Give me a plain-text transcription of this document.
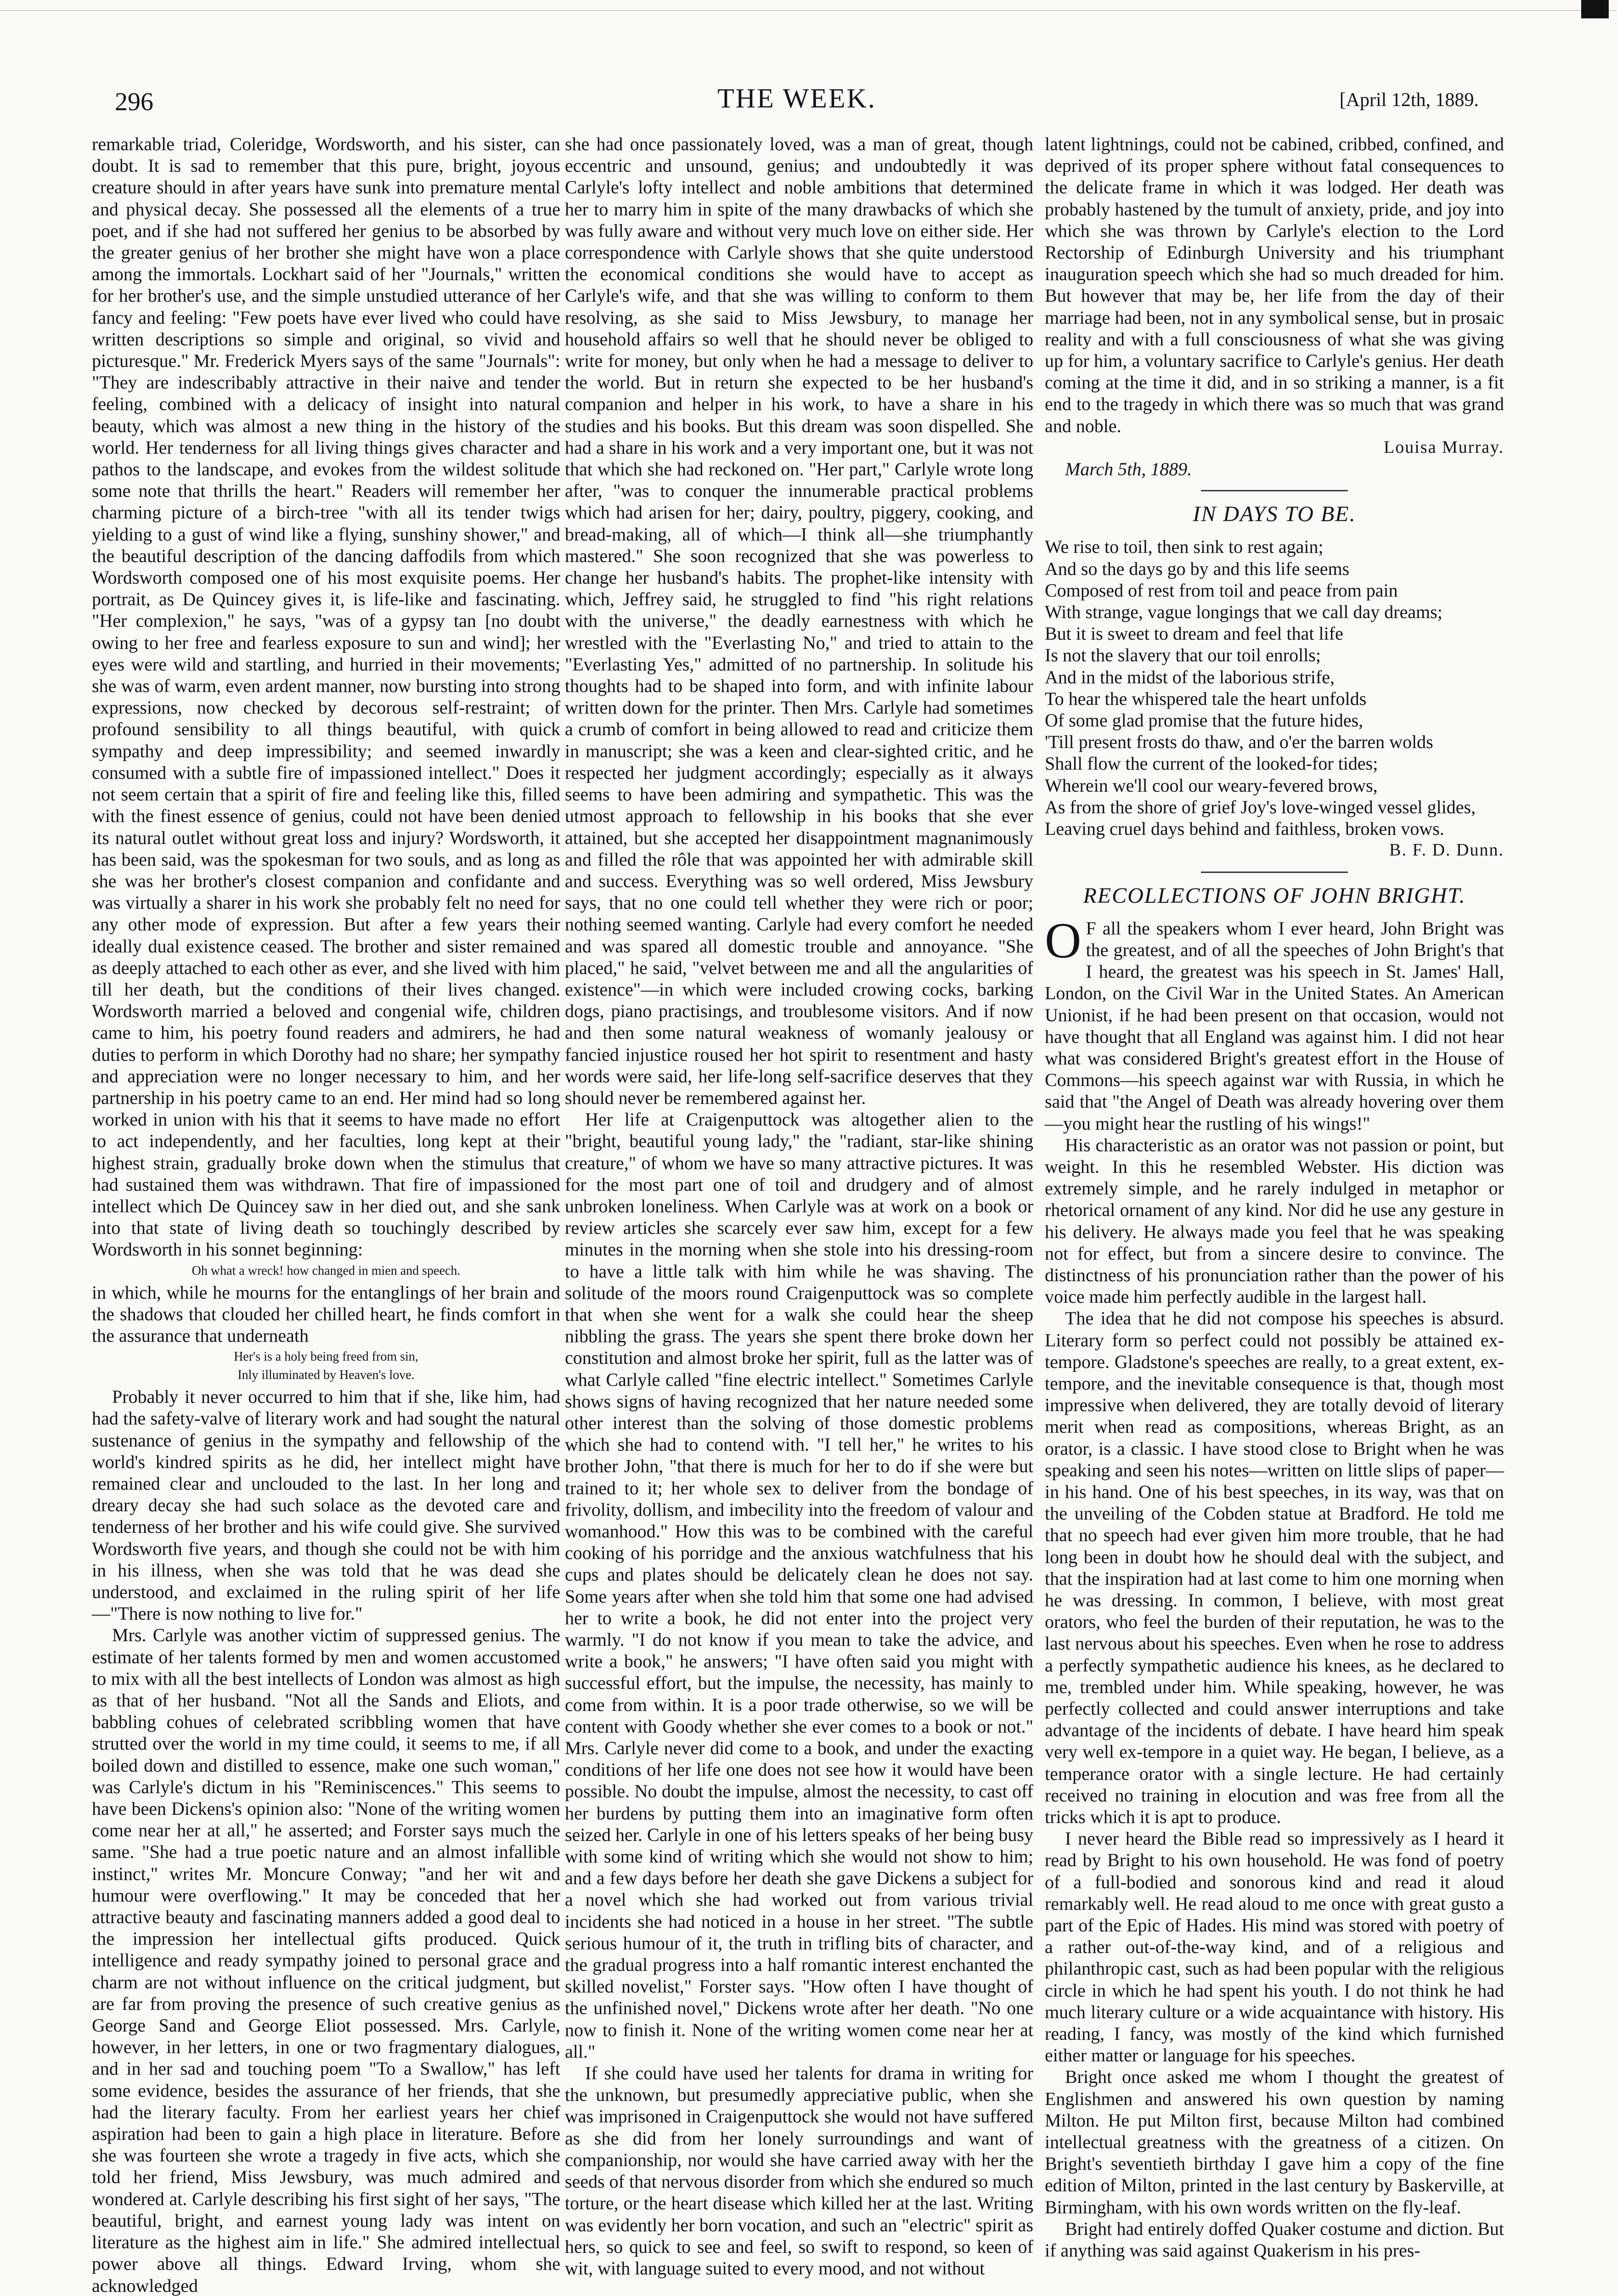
296	THE WEEK.	[April 12th, 1889.

remarkable triad, Coleridge, Wordsworth, and his sister, can doubt. It is sad to remember that this pure, bright, joyous creature should in after years have sunk into premature mental and physical decay. She possessed all the elements of a true poet, and if she had not suffered her genius to be absorbed by the greater genius of her brother she might have won a place among the immortals. Lockhart said of her "Journals," written for her brother's use, and the simple unstudied utterance of her fancy and feeling: "Few poets have ever lived who could have written descriptions so simple and original, so vivid and picturesque." Mr. Frederick Myers says of the same "Journals": "They are indescribably attractive in their naive and tender feeling, combined with a delicacy of insight into natural beauty, which was almost a new thing in the history of the world. Her tenderness for all living things gives character and pathos to the landscape, and evokes from the wildest solitude some note that thrills the heart." Readers will remember her charming picture of a birch-tree "with all its tender twigs yielding to a gust of wind like a flying, sunshiny shower," and the beautiful description of the dancing daffodils from which Wordsworth composed one of his most exquisite poems. Her portrait, as De Quincey gives it, is life-like and fascinating. "Her complexion," he says, "was of a gypsy tan [no doubt owing to her free and fearless exposure to sun and wind]; her eyes were wild and startling, and hurried in their movements; she was of warm, even ardent manner, now bursting into strong expressions, now checked by decorous self-restraint; of profound sensibility to all things beautiful, with quick sympathy and deep impressibility; and seemed inwardly consumed with a subtle fire of impassioned intellect." Does it not seem certain that a spirit of fire and feeling like this, filled with the finest essence of genius, could not have been denied its natural outlet without great loss and injury? Wordsworth, it has been said, was the spokesman for two souls, and as long as she was her brother's closest companion and confidante and was virtually a sharer in his work she probably felt no need for any other mode of expression. But after a few years their ideally dual existence ceased. The brother and sister remained as deeply attached to each other as ever, and she lived with him till her death, but the conditions of their lives changed. Wordsworth married a beloved and congenial wife, children came to him, his poetry found readers and admirers, he had duties to perform in which Dorothy had no share; her sympathy and appreciation were no longer necessary to him, and her partnership in his poetry came to an end. Her mind had so long worked in union with his that it seems to have made no effort to act independently, and her faculties, long kept at their highest strain, gradually broke down when the stimulus that had sustained them was withdrawn. That fire of impassioned intellect which De Quincey saw in her died out, and she sank into that state of living death so touchingly described by Wordsworth in his sonnet beginning:

Oh what a wreck! how changed in mien and speech.

in which, while he mourns for the entanglings of her brain and the shadows that clouded her chilled heart, he finds comfort in the assurance that underneath

Her's is a holy being freed from sin,
Inly illuminated by Heaven's love.

Probably it never occurred to him that if she, like him, had had the safety-valve of literary work and had sought the natural sustenance of genius in the sympathy and fellowship of the world's kindred spirits as he did, her intellect might have remained clear and unclouded to the last. In her long and dreary decay she had such solace as the devoted care and tenderness of her brother and his wife could give. She survived Wordsworth five years, and though she could not be with him in his illness, when she was told that he was dead she understood, and exclaimed in the ruling spirit of her life—"There is now nothing to live for."

Mrs. Carlyle was another victim of suppressed genius. The estimate of her talents formed by men and women accustomed to mix with all the best intellects of London was almost as high as that of her husband. "Not all the Sands and Eliots, and babbling cohues of celebrated scribbling women that have strutted over the world in my time could, it seems to me, if all boiled down and distilled to essence, make one such woman," was Carlyle's dictum in his "Reminiscences." This seems to have been Dickens's opinion also: "None of the writing women come near her at all," he asserted; and Forster says much the same. "She had a true poetic nature and an almost infallible instinct," writes Mr. Moncure Conway; "and her wit and humour were overflowing." It may be conceded that her attractive beauty and fascinating manners added a good deal to the impression her intellectual gifts produced. Quick intelligence and ready sympathy joined to personal grace and charm are not without influence on the critical judgment, but are far from proving the presence of such creative genius as George Sand and George Eliot possessed. Mrs. Carlyle, however, in her letters, in one or two fragmentary dialogues, and in her sad and touching poem "To a Swallow," has left some evidence, besides the assurance of her friends, that she had the literary faculty. From her earliest years her chief aspiration had been to gain a high place in literature. Before she was fourteen she wrote a tragedy in five acts, which she told her friend, Miss Jewsbury, was much admired and wondered at. Carlyle describing his first sight of her says, "The beautiful, bright, and earnest young lady was intent on literature as the highest aim in life." She admired intellectual power above all things. Edward Irving, whom she acknowledged

she had once passionately loved, was a man of great, though eccentric and unsound, genius; and undoubtedly it was Carlyle's lofty intellect and noble ambitions that determined her to marry him in spite of the many drawbacks of which she was fully aware and without very much love on either side. Her correspondence with Carlyle shows that she quite understood the economical conditions she would have to accept as Carlyle's wife, and that she was willing to conform to them resolving, as she said to Miss Jewsbury, to manage her household affairs so well that he should never be obliged to write for money, but only when he had a message to deliver to the world. But in return she expected to be her husband's companion and helper in his work, to have a share in his studies and his books. But this dream was soon dispelled. She had a share in his work and a very important one, but it was not that which she had reckoned on. "Her part," Carlyle wrote long after, "was to conquer the innumerable practical problems which had arisen for her; dairy, poultry, piggery, cooking, and bread-making, all of which—I think all—she triumphantly mastered." She soon recognized that she was powerless to change her husband's habits. The prophet-like intensity with which, Jeffrey said, he struggled to find "his right relations with the universe," the deadly earnestness with which he wrestled with the "Everlasting No," and tried to attain to the "Everlasting Yes," admitted of no partnership. In solitude his thoughts had to be shaped into form, and with infinite labour written down for the printer. Then Mrs. Carlyle had sometimes a crumb of comfort in being allowed to read and criticize them in manuscript; she was a keen and clear-sighted critic, and he respected her judgment accordingly; especially as it always seems to have been admiring and sympathetic. This was the utmost approach to fellowship in his books that she ever attained, but she accepted her disappointment magnanimously and filled the rôle that was appointed her with admirable skill and success. Everything was so well ordered, Miss Jewsbury says, that no one could tell whether they were rich or poor; nothing seemed wanting. Carlyle had every comfort he needed and was spared all domestic trouble and annoyance. "She placed," he said, "velvet between me and all the angularities of existence"—in which were included crowing cocks, barking dogs, piano practisings, and troublesome visitors. And if now and then some natural weakness of womanly jealousy or fancied injustice roused her hot spirit to resentment and hasty words were said, her life-long self-sacrifice deserves that they should never be remembered against her.

Her life at Craigenputtock was altogether alien to the "bright, beautiful young lady," the "radiant, star-like shining creature," of whom we have so many attractive pictures. It was for the most part one of toil and drudgery and of almost unbroken loneliness. When Carlyle was at work on a book or review articles she scarcely ever saw him, except for a few minutes in the morning when she stole into his dressing-room to have a little talk with him while he was shaving. The solitude of the moors round Craigenputtock was so complete that when she went for a walk she could hear the sheep nibbling the grass. The years she spent there broke down her constitution and almost broke her spirit, full as the latter was of what Carlyle called "fine electric intellect." Sometimes Carlyle shows signs of having recognized that her nature needed some other interest than the solving of those domestic problems which she had to contend with. "I tell her," he writes to his brother John, "that there is much for her to do if she were but trained to it; her whole sex to deliver from the bondage of frivolity, dollism, and imbecility into the freedom of valour and womanhood." How this was to be combined with the careful cooking of his porridge and the anxious watchfulness that his cups and plates should be delicately clean he does not say. Some years after when she told him that some one had advised her to write a book, he did not enter into the project very warmly. "I do not know if you mean to take the advice, and write a book," he answers; "I have often said you might with successful effort, but the impulse, the necessity, has mainly to come from within. It is a poor trade otherwise, so we will be content with Goody whether she ever comes to a book or not." Mrs. Carlyle never did come to a book, and under the exacting conditions of her life one does not see how it would have been possible. No doubt the impulse, almost the necessity, to cast off her burdens by putting them into an imaginative form often seized her. Carlyle in one of his letters speaks of her being busy with some kind of writing which she would not show to him; and a few days before her death she gave Dickens a subject for a novel which she had worked out from various trivial incidents she had noticed in a house in her street. "The subtle serious humour of it, the truth in trifling bits of character, and the gradual progress into a half romantic interest enchanted the skilled novelist," Forster says. "How often I have thought of the unfinished novel," Dickens wrote after her death. "No one now to finish it. None of the writing women come near her at all."

If she could have used her talents for drama in writing for the unknown, but presumedly appreciative public, when she was imprisoned in Craigenputtock she would not have suffered as she did from her lonely surroundings and want of companionship, nor would she have carried away with her the seeds of that nervous disorder from which she endured so much torture, or the heart disease which killed her at the last. Writing was evidently her born vocation, and such an "electric" spirit as hers, so quick to see and feel, so swift to respond, so keen of wit, with language suited to every mood, and not without

latent lightnings, could not be cabined, cribbed, confined, and deprived of its proper sphere without fatal consequences to the delicate frame in which it was lodged. Her death was probably hastened by the tumult of anxiety, pride, and joy into which she was thrown by Carlyle's election to the Lord Rectorship of Edinburgh University and his triumphant inauguration speech which she had so much dreaded for him. But however that may be, her life from the day of their marriage had been, not in any symbolical sense, but in prosaic reality and with a full consciousness of what she was giving up for him, a voluntary sacrifice to Carlyle's genius. Her death coming at the time it did, and in so striking a manner, is a fit end to the tragedy in which there was so much that was grand and noble.

Louisa Murray.
March 5th, 1889.
IN DAYS TO BE.
We rise to toil, then sink to rest again;
And so the days go by and this life seems
Composed of rest from toil and peace from pain
With strange, vague longings that we call day dreams;
But it is sweet to dream and feel that life
Is not the slavery that our toil enrolls;
And in the midst of the laborious strife,
To hear the whispered tale the heart unfolds
Of some glad promise that the future hides,
'Till present frosts do thaw, and o'er the barren wolds
Shall flow the current of the looked-for tides;
Wherein we'll cool our weary-fevered brows,
As from the shore of grief Joy's love-winged vessel glides,
Leaving cruel days behind and faithless, broken vows.
B. F. D. Dunn.
RECOLLECTIONS OF JOHN BRIGHT.

O F all the speakers whom I ever heard, John Bright was the greatest, and of all the speeches of John Bright's that I heard, the greatest was his speech in St. James' Hall, London, on the Civil War in the United States. An American Unionist, if he had been present on that occasion, would not have thought that all England was against him. I did not hear what was considered Bright's greatest effort in the House of Commons—his speech against war with Russia, in which he said that "the Angel of Death was already hovering over them—you might hear the rustling of his wings!"

His characteristic as an orator was not passion or point, but weight. In this he resembled Webster. His diction was extremely simple, and he rarely indulged in metaphor or rhetorical ornament of any kind. Nor did he use any gesture in his delivery. He always made you feel that he was speaking not for effect, but from a sincere desire to convince. The distinctness of his pronunciation rather than the power of his voice made him perfectly audible in the largest hall.

The idea that he did not compose his speeches is absurd. Literary form so perfect could not possibly be attained ex-tempore. Gladstone's speeches are really, to a great extent, ex-tempore, and the inevitable consequence is that, though most impressive when delivered, they are totally devoid of literary merit when read as compositions, whereas Bright, as an orator, is a classic. I have stood close to Bright when he was speaking and seen his notes—written on little slips of paper—in his hand. One of his best speeches, in its way, was that on the unveiling of the Cobden statue at Bradford. He told me that no speech had ever given him more trouble, that he had long been in doubt how he should deal with the subject, and that the inspiration had at last come to him one morning when he was dressing. In common, I believe, with most great orators, who feel the burden of their reputation, he was to the last nervous about his speeches. Even when he rose to address a perfectly sympathetic audience his knees, as he declared to me, trembled under him. While speaking, however, he was perfectly collected and could answer interruptions and take advantage of the incidents of debate. I have heard him speak very well ex-tempore in a quiet way. He began, I believe, as a temperance orator with a single lecture. He had certainly received no training in elocution and was free from all the tricks which it is apt to produce.

I never heard the Bible read so impressively as I heard it read by Bright to his own household. He was fond of poetry of a full-bodied and sonorous kind and read it aloud remarkably well. He read aloud to me once with great gusto a part of the Epic of Hades. His mind was stored with poetry of a rather out-of-the-way kind, and of a religious and philanthropic cast, such as had been popular with the religious circle in which he had spent his youth. I do not think he had much literary culture or a wide acquaintance with history. His reading, I fancy, was mostly of the kind which furnished either matter or language for his speeches.

Bright once asked me whom I thought the greatest of Englishmen and answered his own question by naming Milton. He put Milton first, because Milton had combined intellectual greatness with the greatness of a citizen. On Bright's seventieth birthday I gave him a copy of the fine edition of Milton, printed in the last century by Baskerville, at Birmingham, with his own words written on the fly-leaf.

Bright had entirely doffed Quaker costume and diction. But if anything was said against Quakerism in his pres-
